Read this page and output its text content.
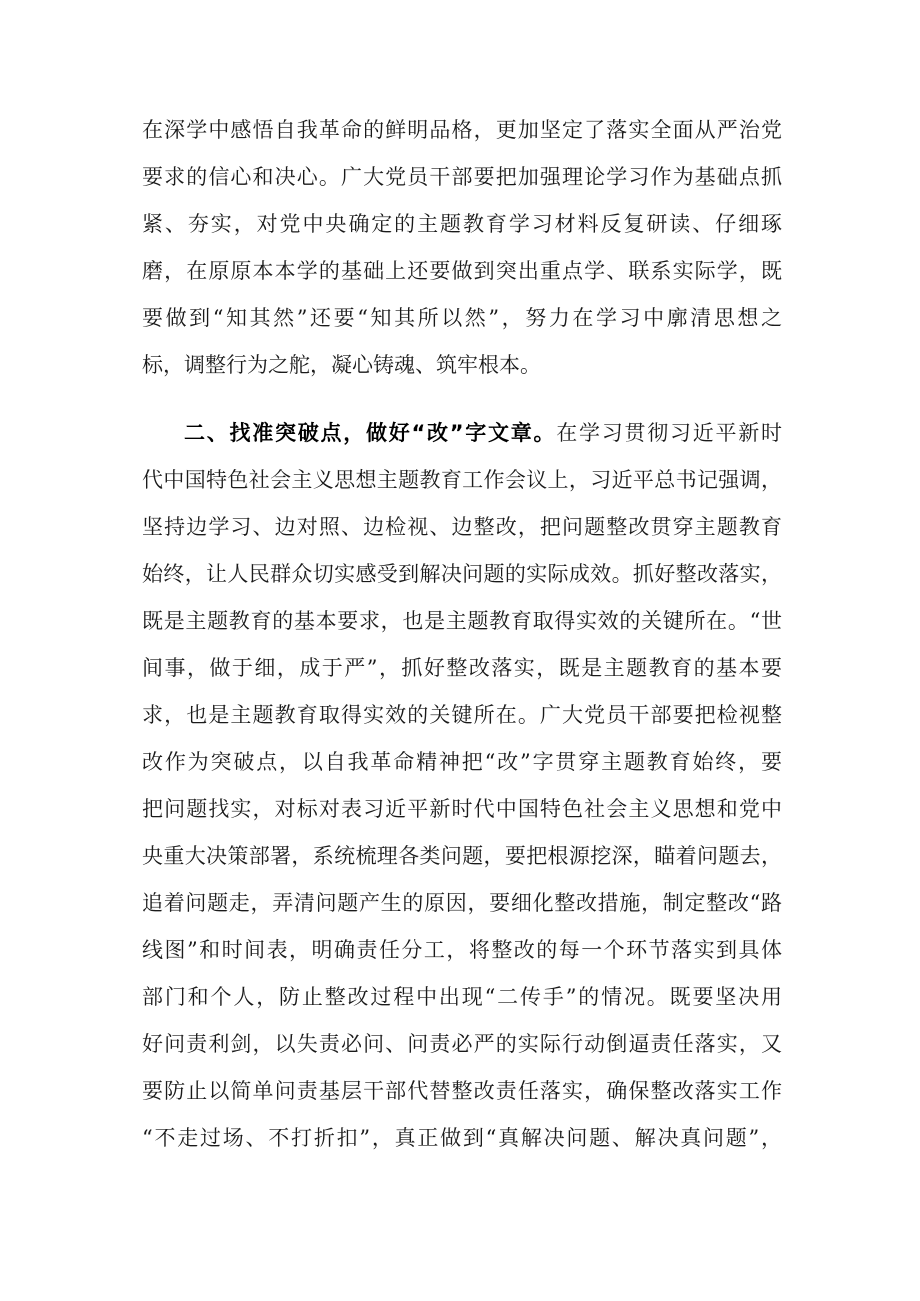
在深学中感悟自我革命的鲜明品格，更加坚定了落实全面从严治党
要求的信心和决心。广大党员干部要把加强理论学习作为基础点抓
紧、夯实，对党中央确定的主题教育学习材料反复研读、仔细琢
磨，在原原本本学的基础上还要做到突出重点学、联系实际学，既
要做到“知其然”还要“知其所以然”，努力在学习中廓清思想之
标，调整行为之舵，凝心铸魂、筑牢根本。
二、找准突破点，做好“改”字文章。在学习贯彻习近平新时
代中国特色社会主义思想主题教育工作会议上，习近平总书记强调，
坚持边学习、边对照、边检视、边整改，把问题整改贯穿主题教育
始终，让人民群众切实感受到解决问题的实际成效。抓好整改落实，
既是主题教育的基本要求，也是主题教育取得实效的关键所在。“世
间事，做于细，成于严”，抓好整改落实，既是主题教育的基本要
求，也是主题教育取得实效的关键所在。广大党员干部要把检视整
改作为突破点，以自我革命精神把“改”字贯穿主题教育始终，要
把问题找实，对标对表习近平新时代中国特色社会主义思想和党中
央重大决策部署，系统梳理各类问题，要把根源挖深，瞄着问题去，
追着问题走，弄清问题产生的原因，要细化整改措施，制定整改“路
线图”和时间表，明确责任分工，将整改的每一个环节落实到具体
部门和个人，防止整改过程中出现“二传手”的情况。既要坚决用
好问责利剑，以失责必问、问责必严的实际行动倒逼责任落实，又
要防止以简单问责基层干部代替整改责任落实，确保整改落实工作
“不走过场、不打折扣”，真正做到“真解决问题、解决真问题”，
